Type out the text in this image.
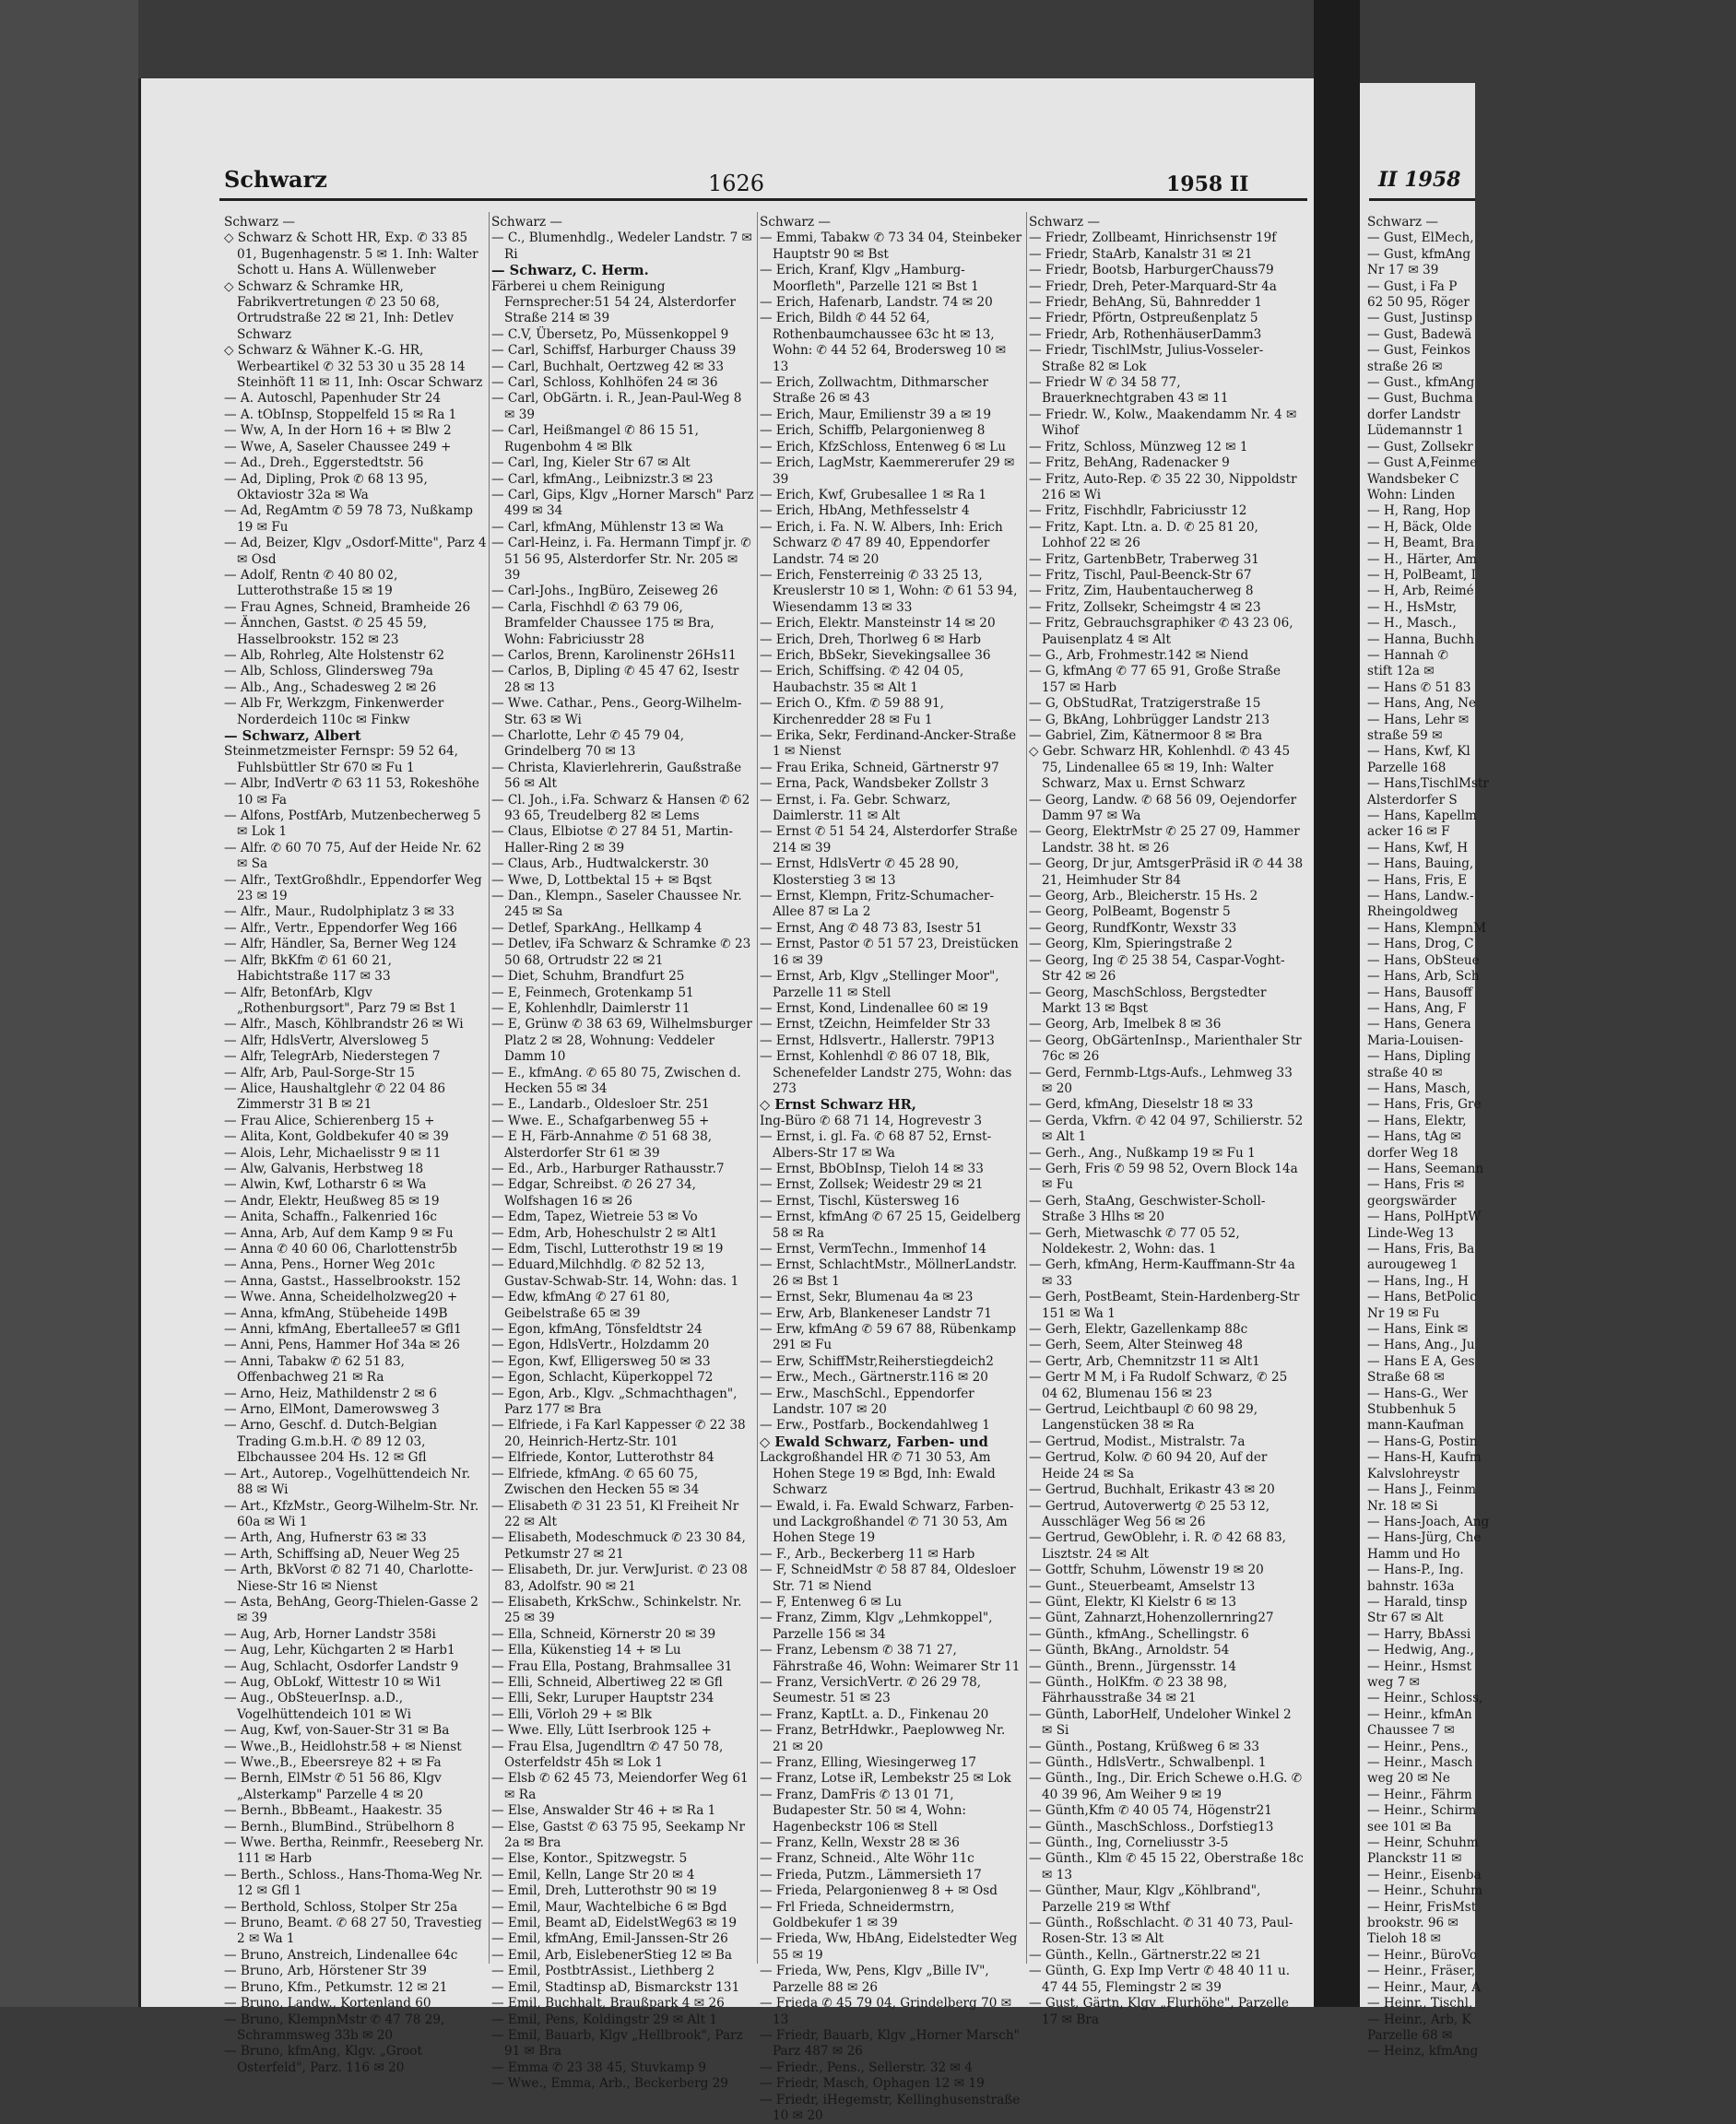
Schwarz	1626	1958 II
Schwarz —
◇ Schwarz & Schott HR, Exp. ✆ 33 85 01, Bugenhagenstr. 5 ✉ 1. Inh: Walter Schott u. Hans A. Wüllenweber
◇ Schwarz & Schramke HR, Fabrikvertretungen ✆ 23 50 68, Ortrudstraße 22 ✉ 21, Inh: Detlev Schwarz
◇ Schwarz & Wähner K.-G. HR, Werbeartikel ✆ 32 53 30 u 35 28 14 Steinhöft 11 ✉ 11, Inh: Oscar Schwarz
— A. Autoschl, Papenhuder Str 24
— A. tObInsp, Stoppelfeld 15 ✉ Ra 1
— Ww, A, In der Horn 16 + ✉ Blw 2
— Wwe, A, Saseler Chaussee 249 +
— Ad., Dreh., Eggerstedtstr. 56
— Ad, Dipling, Prok ✆ 68 13 95, Oktaviostr 32a ✉ Wa
— Ad, RegAmtm ✆ 59 78 73, Nußkamp 19 ✉ Fu
— Ad, Beizer, Klgv „Osdorf-Mitte", Parz 4 ✉ Osd
— Adolf, Rentn ✆ 40 80 02, Lutterothstraße 15 ✉ 19
— Frau Agnes, Schneid, Bramheide 26
— Ännchen, Gastst. ✆ 25 45 59, Hasselbrookstr. 152 ✉ 23
— Alb, Rohrleg, Alte Holstenstr 62
— Alb, Schloss, Glindersweg 79a
— Alb., Ang., Schadesweg 2 ✉ 26
— Alb Fr, Werkzgm, Finkenwerder Norderdeich 110c ✉ Finkw
— Schwarz, Albert
Steinmetzmeister Fernspr: 59 52 64, Fuhlsbüttler Str 670 ✉ Fu 1
— Albr, IndVertr ✆ 63 11 53, Rokeshöhe 10 ✉ Fa
— Alfons, PostfArb, Mutzenbecherweg 5 ✉ Lok 1
— Alfr. ✆ 60 70 75, Auf der Heide Nr. 62 ✉ Sa
— Alfr., TextGroßhdlr., Eppendorfer Weg 23 ✉ 19
— Alfr., Maur., Rudolphiplatz 3 ✉ 33
— Alfr., Vertr., Eppendorfer Weg 166
— Alfr, Händler, Sa, Berner Weg 124
— Alfr, BkKfm ✆ 61 60 21, Habichtstraße 117 ✉ 33
— Alfr, BetonfArb, Klgv „Rothenburgsort", Parz 79 ✉ Bst 1
— Alfr., Masch, Köhlbrandstr 26 ✉ Wi
— Alfr, HdlsVertr, Alversloweg 5
— Alfr, TelegrArb, Niederstegen 7
— Alfr, Arb, Paul-Sorge-Str 15
— Alice, Haushaltglehr ✆ 22 04 86 Zimmerstr 31 B ✉ 21
— Frau Alice, Schierenberg 15 +
— Alita, Kont, Goldbekufer 40 ✉ 39
— Alois, Lehr, Michaelisstr 9 ✉ 11
— Alw, Galvanis, Herbstweg 18
— Alwin, Kwf, Lotharstr 6 ✉ Wa
— Andr, Elektr, Heußweg 85 ✉ 19
— Anita, Schaffn., Falkenried 16c
— Anna, Arb, Auf dem Kamp 9 ✉ Fu
— Anna ✆ 40 60 06, Charlottenstr5b
— Anna, Pens., Horner Weg 201c
— Anna, Gastst., Hasselbrookstr. 152
— Wwe. Anna, Scheidelholzweg20 +
— Anna, kfmAng, Stübeheide 149B
— Anni, kfmAng, Ebertallee57 ✉ Gfl1
— Anni, Pens, Hammer Hof 34a ✉ 26
— Anni, Tabakw ✆ 62 51 83, Offenbachweg 21 ✉ Ra
— Arno, Heiz, Mathildenstr 2 ✉ 6
— Arno, ElMont, Damerowsweg 3
— Arno, Geschf. d. Dutch-Belgian Trading G.m.b.H. ✆ 89 12 03, Elbchaussee 204 Hs. 12 ✉ Gfl
— Art., Autorep., Vogelhüttendeich Nr. 88 ✉ Wi
— Art., KfzMstr., Georg-Wilhelm-Str. Nr. 60a ✉ Wi 1
— Arth, Ang, Hufnerstr 63 ✉ 33
— Arth, Schiffsing aD, Neuer Weg 25
— Arth, BkVorst ✆ 82 71 40, Charlotte-Niese-Str 16 ✉ Nienst
— Asta, BehAng, Georg-Thielen-Gasse 2 ✉ 39
— Aug, Arb, Horner Landstr 358i
— Aug, Lehr, Küchgarten 2 ✉ Harb1
— Aug, Schlacht, Osdorfer Landstr 9
— Aug, ObLokf, Wittestr 10 ✉ Wi1
— Aug., ObSteuerInsp. a.D., Vogelhüttendeich 101 ✉ Wi
— Aug, Kwf, von-Sauer-Str 31 ✉ Ba
— Wwe.,B., Heidlohstr.58 + ✉ Nienst
— Wwe.,B., Ebeersreye 82 + ✉ Fa
— Bernh, ElMstr ✆ 51 56 86, Klgv „Alsterkamp" Parzelle 4 ✉ 20
— Bernh., BbBeamt., Haakestr. 35
— Bernh., BlumBind., Strübelhorn 8
— Wwe. Bertha, Reinmfr., Reeseberg Nr. 111 ✉ Harb
— Berth., Schloss., Hans-Thoma-Weg Nr. 12 ✉ Gfl 1
— Berthold, Schloss, Stolper Str 25a
— Bruno, Beamt. ✆ 68 27 50, Travestieg 2 ✉ Wa 1
— Bruno, Anstreich, Lindenallee 64c
— Bruno, Arb, Hörstener Str 39
— Bruno, Kfm., Petkumstr. 12 ✉ 21
— Bruno, Landw., Kortenland 60
— Bruno, KlempnMstr ✆ 47 78 29, Schrammsweg 33b ✉ 20
— Bruno, kfmAng, Klgv. „Groot Osterfeld", Parz. 116 ✉ 20
Schwarz —
— C., Blumenhdlg., Wedeler Landstr. 7 ✉ Ri
— Schwarz, C. Herm.
Färberei u chem Reinigung Fernsprecher:51 54 24, Alsterdorfer Straße 214 ✉ 39
— C.V, Übersetz, Po, Müssenkoppel 9
— Carl, Schiffsf, Harburger Chauss 39
— Carl, Buchhalt, Oertzweg 42 ✉ 33
— Carl, Schloss, Kohlhöfen 24 ✉ 36
— Carl, ObGärtn. i. R., Jean-Paul-Weg 8 ✉ 39
— Carl, Heißmangel ✆ 86 15 51, Rugenbohm 4 ✉ Blk
— Carl, Ing, Kieler Str 67 ✉ Alt
— Carl, kfmAng., Leibnizstr.3 ✉ 23
— Carl, Gips, Klgv „Horner Marsch" Parz 499 ✉ 34
— Carl, kfmAng, Mühlenstr 13 ✉ Wa
— Carl-Heinz, i. Fa. Hermann Timpf jr. ✆ 51 56 95, Alsterdorfer Str. Nr. 205 ✉ 39
— Carl-Johs., IngBüro, Zeiseweg 26
— Carla, Fischhdl ✆ 63 79 06, Bramfelder Chaussee 175 ✉ Bra, Wohn: Fabriciusstr 28
— Carlos, Brenn, Karolinenstr 26Hs11
— Carlos, B, Dipling ✆ 45 47 62, Isestr 28 ✉ 13
— Wwe. Cathar., Pens., Georg-Wilhelm-Str. 63 ✉ Wi
— Charlotte, Lehr ✆ 45 79 04, Grindelberg 70 ✉ 13
— Christa, Klavierlehrerin, Gaußstraße 56 ✉ Alt
— Cl. Joh., i.Fa. Schwarz & Hansen ✆ 62 93 65, Treudelberg 82 ✉ Lems
— Claus, Elbiotse ✆ 27 84 51, Martin-Haller-Ring 2 ✉ 39
— Claus, Arb., Hudtwalckerstr. 30
— Wwe, D, Lottbektal 15 + ✉ Bqst
— Dan., Klempn., Saseler Chaussee Nr. 245 ✉ Sa
— Detlef, SparkAng., Hellkamp 4
— Detlev, iFa Schwarz & Schramke ✆ 23 50 68, Ortrudstr 22 ✉ 21
— Diet, Schuhm, Brandfurt 25
— E, Feinmech, Grotenkamp 51
— E, Kohlenhdlr, Daimlerstr 11
— E, Grünw ✆ 38 63 69, Wilhelmsburger Platz 2 ✉ 28, Wohnung: Veddeler Damm 10
— E., kfmAng. ✆ 65 80 75, Zwischen d. Hecken 55 ✉ 34
— E., Landarb., Oldesloer Str. 251
— Wwe. E., Schafgarbenweg 55 +
— E H, Färb-Annahme ✆ 51 68 38, Alsterdorfer Str 61 ✉ 39
— Ed., Arb., Harburger Rathausstr.7
— Edgar, Schreibst. ✆ 26 27 34, Wolfshagen 16 ✉ 26
— Edm, Tapez, Wietreie 53 ✉ Vo
— Edm, Arb, Hoheschulstr 2 ✉ Alt1
— Edm, Tischl, Lutterothstr 19 ✉ 19
— Eduard,Milchhdlg. ✆ 82 52 13, Gustav-Schwab-Str. 14, Wohn: das. 1
— Edw, kfmAng ✆ 27 61 80, Geibelstraße 65 ✉ 39
— Egon, kfmAng, Tönsfeldtstr 24
— Egon, HdlsVertr., Holzdamm 20
— Egon, Kwf, Elligersweg 50 ✉ 33
— Egon, Schlacht, Küperkoppel 72
— Egon, Arb., Klgv. „Schmachthagen", Parz 177 ✉ Bra
— Elfriede, i Fa Karl Kappesser ✆ 22 38 20, Heinrich-Hertz-Str. 101
— Elfriede, Kontor, Lutterothstr 84
— Elfriede, kfmAng. ✆ 65 60 75, Zwischen den Hecken 55 ✉ 34
— Elisabeth ✆ 31 23 51, Kl Freiheit Nr 22 ✉ Alt
— Elisabeth, Modeschmuck ✆ 23 30 84, Petkumstr 27 ✉ 21
— Elisabeth, Dr. jur. VerwJurist. ✆ 23 08 83, Adolfstr. 90 ✉ 21
— Elisabeth, KrkSchw., Schinkelstr. Nr. 25 ✉ 39
— Ella, Schneid, Körnerstr 20 ✉ 39
— Ella, Kükenstieg 14 + ✉ Lu
— Frau Ella, Postang, Brahmsallee 31
— Elli, Schneid, Albertiweg 22 ✉ Gfl
— Elli, Sekr, Luruper Hauptstr 234
— Elli, Vörloh 29 + ✉ Blk
— Wwe. Elly, Lütt Iserbrook 125 +
— Frau Elsa, Jugendltrn ✆ 47 50 78, Osterfeldstr 45h ✉ Lok 1
— Elsb ✆ 62 45 73, Meiendorfer Weg 61 ✉ Ra
— Else, Answalder Str 46 + ✉ Ra 1
— Else, Gastst ✆ 63 75 95, Seekamp Nr 2a ✉ Bra
— Else, Kontor., Spitzwegstr. 5
— Emil, Kelln, Lange Str 20 ✉ 4
— Emil, Dreh, Lutterothstr 90 ✉ 19
— Emil, Maur, Wachtelbiche 6 ✉ Bgd
— Emil, Beamt aD, EidelstWeg63 ✉ 19
— Emil, kfmAng, Emil-Janssen-Str 26
— Emil, Arb, EislebenerStieg 12 ✉ Ba
— Emil, PostbtrAssist., Liethberg 2
— Emil, Stadtinsp aD, Bismarckstr 131
— Emil, Buchhalt, Braußpark 4 ✉ 26
— Emil, Pens, Koldingstr 29 ✉ Alt 1
— Emil, Bauarb, Klgv „Hellbrook", Parz 91 ✉ Bra
— Emma ✆ 23 38 45, Stuvkamp 9
— Wwe., Emma, Arb., Beckerberg 29
Schwarz —
— Emmi, Tabakw ✆ 73 34 04, Steinbeker Hauptstr 90 ✉ Bst
— Erich, Kranf, Klgv „Hamburg-Moorfleth", Parzelle 121 ✉ Bst 1
— Erich, Hafenarb, Landstr. 74 ✉ 20
— Erich, Bildh ✆ 44 52 64, Rothenbaumchaussee 63c ht ✉ 13, Wohn: ✆ 44 52 64, Brodersweg 10 ✉ 13
— Erich, Zollwachtm, Dithmarscher Straße 26 ✉ 43
— Erich, Maur, Emilienstr 39 a ✉ 19
— Erich, Schiffb, Pelargonienweg 8
— Erich, KfzSchloss, Entenweg 6 ✉ Lu
— Erich, LagMstr, Kaemmererufer 29 ✉ 39
— Erich, Kwf, Grubesallee 1 ✉ Ra 1
— Erich, HbAng, Methfesselstr 4
— Erich, i. Fa. N. W. Albers, Inh: Erich Schwarz ✆ 47 89 40, Eppendorfer Landstr. 74 ✉ 20
— Erich, Fensterreinig ✆ 33 25 13, Kreuslerstr 10 ✉ 1, Wohn: ✆ 61 53 94, Wiesendamm 13 ✉ 33
— Erich, Elektr. Mansteinstr 14 ✉ 20
— Erich, Dreh, Thorlweg 6 ✉ Harb
— Erich, BbSekr, Sievekingsallee 36
— Erich, Schiffsing. ✆ 42 04 05, Haubachstr. 35 ✉ Alt 1
— Erich O., Kfm. ✆ 59 88 91, Kirchenredder 28 ✉ Fu 1
— Erika, Sekr, Ferdinand-Ancker-Straße 1 ✉ Nienst
— Frau Erika, Schneid, Gärtnerstr 97
— Erna, Pack, Wandsbeker Zollstr 3
— Ernst, i. Fa. Gebr. Schwarz, Daimlerstr. 11 ✉ Alt
— Ernst ✆ 51 54 24, Alsterdorfer Straße 214 ✉ 39
— Ernst, HdlsVertr ✆ 45 28 90, Klosterstieg 3 ✉ 13
— Ernst, Klempn, Fritz-Schumacher-Allee 87 ✉ La 2
— Ernst, Ang ✆ 48 73 83, Isestr 51
— Ernst, Pastor ✆ 51 57 23, Dreistücken 16 ✉ 39
— Ernst, Arb, Klgv „Stellinger Moor", Parzelle 11 ✉ Stell
— Ernst, Kond, Lindenallee 60 ✉ 19
— Ernst, tZeichn, Heimfelder Str 33
— Ernst, Hdlsvertr., Hallerstr. 79P13
— Ernst, Kohlenhdl ✆ 86 07 18, Blk, Schenefelder Landstr 275, Wohn: das 273
◇ Ernst Schwarz HR,
Ing-Büro ✆ 68 71 14, Hogrevestr 3
— Ernst, i. gl. Fa. ✆ 68 87 52, Ernst-Albers-Str 17 ✉ Wa
— Ernst, BbObInsp, Tieloh 14 ✉ 33
— Ernst, Zollsek; Weidestr 29 ✉ 21
— Ernst, Tischl, Küstersweg 16
— Ernst, kfmAng ✆ 67 25 15, Geidelberg 58 ✉ Ra
— Ernst, VermTechn., Immenhof 14
— Ernst, SchlachtMstr., MöllnerLandstr. 26 ✉ Bst 1
— Ernst, Sekr, Blumenau 4a ✉ 23
— Erw, Arb, Blankeneser Landstr 71
— Erw, kfmAng ✆ 59 67 88, Rübenkamp 291 ✉ Fu
— Erw, SchiffMstr,Reiherstiegdeich2
— Erw., Mech., Gärtnerstr.116 ✉ 20
— Erw., MaschSchl., Eppendorfer Landstr. 107 ✉ 20
— Erw., Postfarb., Bockendahlweg 1
◇ Ewald Schwarz, Farben- und
Lackgroßhandel HR ✆ 71 30 53, Am Hohen Stege 19 ✉ Bgd, Inh: Ewald Schwarz
— Ewald, i. Fa. Ewald Schwarz, Farben- und Lackgroßhandel ✆ 71 30 53, Am Hohen Stege 19
— F., Arb., Beckerberg 11 ✉ Harb
— F, SchneidMstr ✆ 58 87 84, Oldesloer Str. 71 ✉ Niend
— F, Entenweg 6 ✉ Lu
— Franz, Zimm, Klgv „Lehmkoppel", Parzelle 156 ✉ 34
— Franz, Lebensm ✆ 38 71 27, Fährstraße 46, Wohn: Weimarer Str 11
— Franz, VersichVertr. ✆ 26 29 78, Seumestr. 51 ✉ 23
— Franz, KaptLt. a. D., Finkenau 20
— Franz, BetrHdwkr., Paeplowweg Nr. 21 ✉ 20
— Franz, Elling, Wiesingerweg 17
— Franz, Lotse iR, Lembekstr 25 ✉ Lok
— Franz, DamFris ✆ 13 01 71, Budapester Str. 50 ✉ 4, Wohn: Hagenbeckstr 106 ✉ Stell
— Franz, Kelln, Wexstr 28 ✉ 36
— Franz, Schneid., Alte Wöhr 11c
— Frieda, Putzm., Lämmersieth 17
— Frieda, Pelargonienweg 8 + ✉ Osd
— Frl Frieda, Schneidermstrn, Goldbekufer 1 ✉ 39
— Frieda, Ww, HbAng, Eidelstedter Weg 55 ✉ 19
— Frieda, Ww, Pens, Klgv „Bille IV", Parzelle 88 ✉ 26
— Frieda ✆ 45 79 04, Grindelberg 70 ✉ 13
— Friedr, Bauarb, Klgv „Horner Marsch" Parz 487 ✉ 26
— Friedr., Pens., Sellerstr. 32 ✉ 4
— Friedr, Masch, Ophagen 12 ✉ 19
— Friedr, iHegemstr, Kellinghusenstraße 10 ✉ 20
Schwarz —
— Friedr, Zollbeamt, Hinrichsenstr 19f
— Friedr, StaArb, Kanalstr 31 ✉ 21
— Friedr, Bootsb, HarburgerChauss79
— Friedr, Dreh, Peter-Marquard-Str 4a
— Friedr, BehAng, Sü, Bahnredder 1
— Friedr, Pförtn, Ostpreußenplatz 5
— Friedr, Arb, RothenhäuserDamm3
— Friedr, TischlMstr, Julius-Vosseler-Straße 82 ✉ Lok
— Friedr W ✆ 34 58 77, Brauerknechtgraben 43 ✉ 11
— Friedr. W., Kolw., Maakendamm Nr. 4 ✉ Wihof
— Fritz, Schloss, Münzweg 12 ✉ 1
— Fritz, BehAng, Radenacker 9
— Fritz, Auto-Rep. ✆ 35 22 30, Nippoldstr 216 ✉ Wi
— Fritz, Fischhdlr, Fabriciusstr 12
— Fritz, Kapt. Ltn. a. D. ✆ 25 81 20, Lohhof 22 ✉ 26
— Fritz, GartenbBetr, Traberweg 31
— Fritz, Tischl, Paul-Beenck-Str 67
— Fritz, Zim, Haubentaucherweg 8
— Fritz, Zollsekr, Scheimgstr 4 ✉ 23
— Fritz, Gebrauchsgraphiker ✆ 43 23 06, Pauisenplatz 4 ✉ Alt
— G., Arb, Frohmestr.142 ✉ Niend
— G, kfmAng ✆ 77 65 91, Große Straße 157 ✉ Harb
— G, ObStudRat, Tratzigerstraße 15
— G, BkAng, Lohbrügger Landstr 213
— Gabriel, Zim, Kätnermoor 8 ✉ Bra
◇ Gebr. Schwarz HR, Kohlenhdl. ✆ 43 45 75, Lindenallee 65 ✉ 19, Inh: Walter Schwarz, Max u. Ernst Schwarz
— Georg, Landw. ✆ 68 56 09, Oejendorfer Damm 97 ✉ Wa
— Georg, ElektrMstr ✆ 25 27 09, Hammer Landstr. 38 ht. ✉ 26
— Georg, Dr jur, AmtsgerPräsid iR ✆ 44 38 21, Heimhuder Str 84
— Georg, Arb., Bleicherstr. 15 Hs. 2
— Georg, PolBeamt, Bogenstr 5
— Georg, RundfKontr, Wexstr 33
— Georg, Klm, Spieringstraße 2
— Georg, Ing ✆ 25 38 54, Caspar-Voght-Str 42 ✉ 26
— Georg, MaschSchloss, Bergstedter Markt 13 ✉ Bqst
— Georg, Arb, Imelbek 8 ✉ 36
— Georg, ObGärtenInsp., Marienthaler Str 76c ✉ 26
— Gerd, Fernmb-Ltgs-Aufs., Lehmweg 33 ✉ 20
— Gerd, kfmAng, Dieselstr 18 ✉ 33
— Gerda, Vkfrn. ✆ 42 04 97, Schilierstr. 52 ✉ Alt 1
— Gerh., Ang., Nußkamp 19 ✉ Fu 1
— Gerh, Fris ✆ 59 98 52, Overn Block 14a ✉ Fu
— Gerh, StaAng, Geschwister-Scholl-Straße 3 Hlhs ✉ 20
— Gerh, Mietwaschk ✆ 77 05 52, Noldekestr. 2, Wohn: das. 1
— Gerh, kfmAng, Herm-Kauffmann-Str 4a ✉ 33
— Gerh, PostBeamt, Stein-Hardenberg-Str 151 ✉ Wa 1
— Gerh, Elektr, Gazellenkamp 88c
— Gerh, Seem, Alter Steinweg 48
— Gertr, Arb, Chemnitzstr 11 ✉ Alt1
— Gertr M M, i Fa Rudolf Schwarz, ✆ 25 04 62, Blumenau 156 ✉ 23
— Gertrud, Leichtbaupl ✆ 60 98 29, Langenstücken 38 ✉ Ra
— Gertrud, Modist., Mistralstr. 7a
— Gertrud, Kolw. ✆ 60 94 20, Auf der Heide 24 ✉ Sa
— Gertrud, Buchhalt, Erikastr 43 ✉ 20
— Gertrud, Autoverwertg ✆ 25 53 12, Ausschläger Weg 56 ✉ 26
— Gertrud, GewOblehr, i. R. ✆ 42 68 83, Lisztstr. 24 ✉ Alt
— Gottfr, Schuhm, Löwenstr 19 ✉ 20
— Gunt., Steuerbeamt, Amselstr 13
— Günt, Elektr, Kl Kielstr 6 ✉ 13
— Günt, Zahnarzt,Hohenzollernring27
— Günth., kfmAng., Schellingstr. 6
— Günth, BkAng., Arnoldstr. 54
— Günth., Brenn., Jürgensstr. 14
— Günth., HolKfm. ✆ 23 38 98, Fährhausstraße 34 ✉ 21
— Günth, LaborHelf, Undeloher Winkel 2 ✉ Si
— Günth., Postang, Krüßweg 6 ✉ 33
— Günth., HdlsVertr., Schwalbenpl. 1
— Günth., Ing., Dir. Erich Schewe o.H.G. ✆ 40 39 96, Am Weiher 9 ✉ 19
— Günth,Kfm ✆ 40 05 74, Högenstr21
— Günth., MaschSchloss., Dorfstieg13
— Günth., Ing, Corneliusstr 3-5
— Günth., Klm ✆ 45 15 22, Oberstraße 18c ✉ 13
— Günther, Maur, Klgv „Köhlbrand", Parzelle 219 ✉ Wthf
— Günth., Roßschlacht. ✆ 31 40 73, Paul-Rosen-Str. 13 ✉ Alt
— Günth., Kelln., Gärtnerstr.22 ✉ 21
— Günth, G. Exp Imp Vertr ✆ 48 40 11 u. 47 44 55, Flemingstr 2 ✉ 39
— Gust, Gärtn, Klgv „Flurhöhe", Parzelle 17 ✉ Bra
II 1958
Schwarz —
— Gust, ElMech,
— Gust, kfmAng
Nr 17 ✉ 39
— Gust, i Fa P
62 50 95, Röger
— Gust, Justinsp
— Gust, Badewä
— Gust, Feinkos
straße 26 ✉
— Gust., kfmAng
— Gust, Buchma
dorfer Landstr
Lüdemannstr 1
— Gust, Zollsekr
— Gust A,Feinme
Wandsbeker C
Wohn: Linden
— H, Rang, Hop
— H, Bäck, Olde
— H, Beamt, Bra
— H., Härter, Am
— H, PolBeamt, I
— H, Arb, Reimé
— H., HsMstr,
— H., Masch.,
— Hanna, Buchh
— Hannah ✆
stift 12a ✉
— Hans ✆ 51 83
— Hans, Ang, Ne
— Hans, Lehr ✉
straße 59 ✉
— Hans, Kwf, Kl
Parzelle 168
— Hans,TischlMstr
Alsterdorfer S
— Hans, Kapellm
acker 16 ✉ F
— Hans, Kwf, H
— Hans, Bauing,
— Hans, Fris, E
— Hans, Landw.-
Rheingoldweg
— Hans, KlempnM
— Hans, Drog, C
— Hans, ObSteue
— Hans, Arb, Sch
— Hans, Bausoff
— Hans, Ang, F
— Hans, Genera
Maria-Louisen-
— Hans, Dipling
straße 40 ✉
— Hans, Masch,
— Hans, Fris, Gre
— Hans, Elektr,
— Hans, tAg ✉
dorfer Weg 18
— Hans, Seemann
— Hans, Fris ✉
georgswärder
— Hans, PolHptW
Linde-Weg 13
— Hans, Fris, Ba
aurougeweg 1
— Hans, Ing., H
— Hans, BetPolic
Nr 19 ✉ Fu
— Hans, Eink ✉
— Hans, Ang., Ju
— Hans E A, Ges
Straße 68 ✉
— Hans-G., Wer
Stubbenhuk 5
mann-Kaufman
— Hans-G, Postin
— Hans-H, Kaufm
Kalvslohreystr
— Hans J., Feinm
Nr. 18 ✉ Si
— Hans-Joach, Ang
— Hans-Jürg, Che
Hamm und Ho
— Hans-P., Ing.
bahnstr. 163a
— Harald, tinsp
Str 67 ✉ Alt
— Harry, BbAssi
— Hedwig, Ang.,
— Heinr., Hsmst
weg 7 ✉
— Heinr., Schloss,
— Heinr., kfmAn
Chaussee 7 ✉
— Heinr., Pens.,
— Heinr., Masch
weg 20 ✉ Ne
— Heinr., Fährm
— Heinr., Schirm
see 101 ✉ Ba
— Heinr, Schuhm
Planckstr 11 ✉
— Heinr., Eisenba
— Heinr., Schuhm
— Heinr, FrisMst
brookstr. 96 ✉
Tieloh 18 ✉
— Heinr., BüroVo
— Heinr., Fräser,
— Heinr., Maur, A
— Heinr., Tischl,
— Heinr., Arb, K
Parzelle 68 ✉
— Heinz, kfmAng
